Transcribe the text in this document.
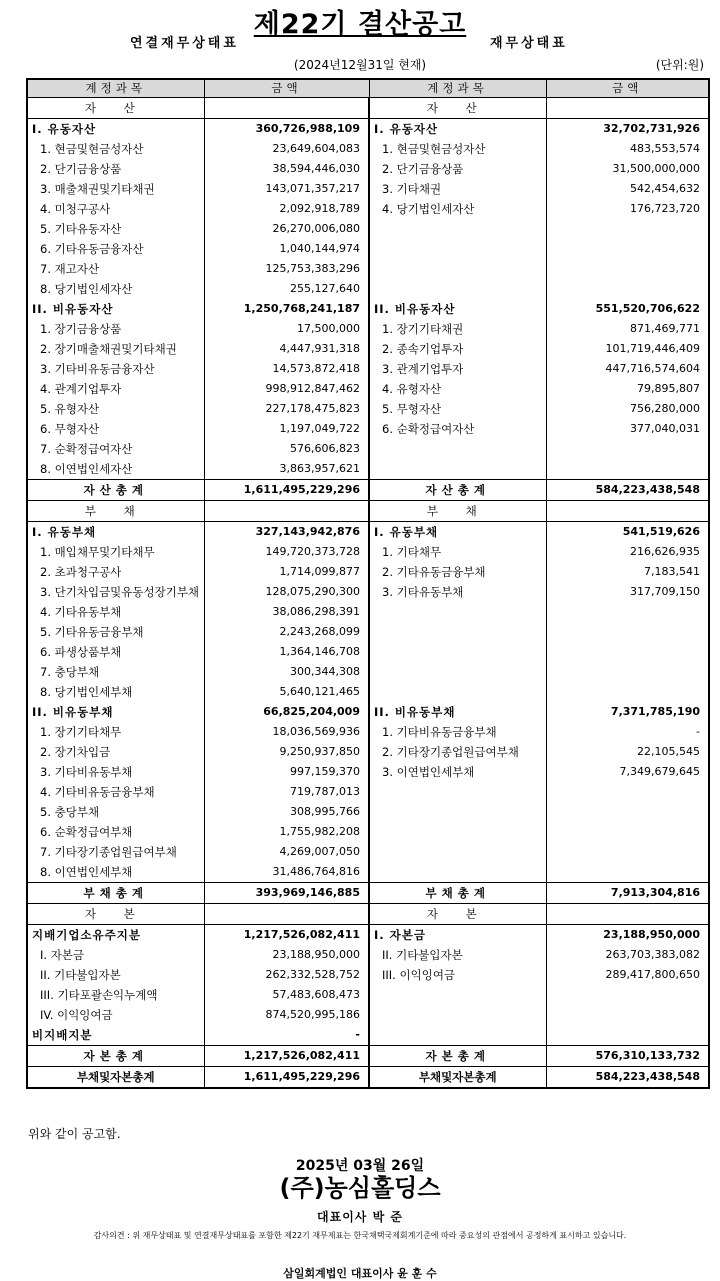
제22기 결산공고
연결재무상태표	재무상태표
(2024년12월31일 현재)	(단위:원)
계정과목	금액	계정과목	금액
자 산		자 산	
I. 유동자산	360,726,988,109	I. 유동자산	32,702,731,926
1. 현금및현금성자산	23,649,604,083	1. 현금및현금성자산	483,553,574
2. 단기금융상품	38,594,446,030	2. 단기금융상품	31,500,000,000
3. 매출채권및기타채권	143,071,357,217	3. 기타채권	542,454,632
4. 미청구공사	2,092,918,789	4. 당기법인세자산	176,723,720
5. 기타유동자산	26,270,006,080		
6. 기타유동금융자산	1,040,144,974		
7. 재고자산	125,753,383,296		
8. 당기법인세자산	255,127,640		
II. 비유동자산	1,250,768,241,187	II. 비유동자산	551,520,706,622
1. 장기금융상품	17,500,000	1. 장기기타채권	871,469,771
2. 장기매출채권및기타채권	4,447,931,318	2. 종속기업투자	101,719,446,409
3. 기타비유동금융자산	14,573,872,418	3. 관계기업투자	447,716,574,604
4. 관계기업투자	998,912,847,462	4. 유형자산	79,895,807
5. 유형자산	227,178,475,823	5. 무형자산	756,280,000
6. 무형자산	1,197,049,722	6. 순확정급여자산	377,040,031
7. 순확정급여자산	576,606,823		
8. 이연법인세자산	3,863,957,621		
자산총계	1,611,495,229,296	자산총계	584,223,438,548
부 채		부 채	
I. 유동부채	327,143,942,876	I. 유동부채	541,519,626
1. 매입채무및기타채무	149,720,373,728	1. 기타채무	216,626,935
2. 초과청구공사	1,714,099,877	2. 기타유동금융부채	7,183,541
3. 단기차입금및유동성장기부채	128,075,290,300	3. 기타유동부채	317,709,150
4. 기타유동부채	38,086,298,391		
5. 기타유동금융부채	2,243,268,099		
6. 파생상품부채	1,364,146,708		
7. 충당부채	300,344,308		
8. 당기법인세부채	5,640,121,465		
II. 비유동부채	66,825,204,009	II. 비유동부채	7,371,785,190
1. 장기기타채무	18,036,569,936	1. 기타비유동금융부채	-
2. 장기차입금	9,250,937,850	2. 기타장기종업원급여부채	22,105,545
3. 기타비유동부채	997,159,370	3. 이연법인세부채	7,349,679,645
4. 기타비유동금융부채	719,787,013		
5. 충당부채	308,995,766		
6. 순확정급여부채	1,755,982,208		
7. 기타장기종업원급여부채	4,269,007,050		
8. 이연법인세부채	31,486,764,816		
부채총계	393,969,146,885	부채총계	7,913,304,816
자 본		자 본	
지배기업소유주지분	1,217,526,082,411	I. 자본금	23,188,950,000
I. 자본금	23,188,950,000	II. 기타불입자본	263,703,383,082
II. 기타불입자본	262,332,528,752	III. 이익잉여금	289,417,800,650
III. 기타포괄손익누계액	57,483,608,473		
IV. 이익잉여금	874,520,995,186		
비지배지분	-		
자본총계	1,217,526,082,411	자본총계	576,310,133,732
부채및자본총계	1,611,495,229,296	부채및자본총계	584,223,438,548
위와 같이 공고함.
2025년 03월 26일
(주)농심홀딩스
대표이사 박 준
감사의견 : 위 재무상태표 및 연결재무상태표를 포함한 제22기 재무제표는 한국채택국제회계기준에 따라 중요성의 관점에서 공정하게 표시하고 있습니다.
삼일회계법인 대표이사 윤 훈 수
